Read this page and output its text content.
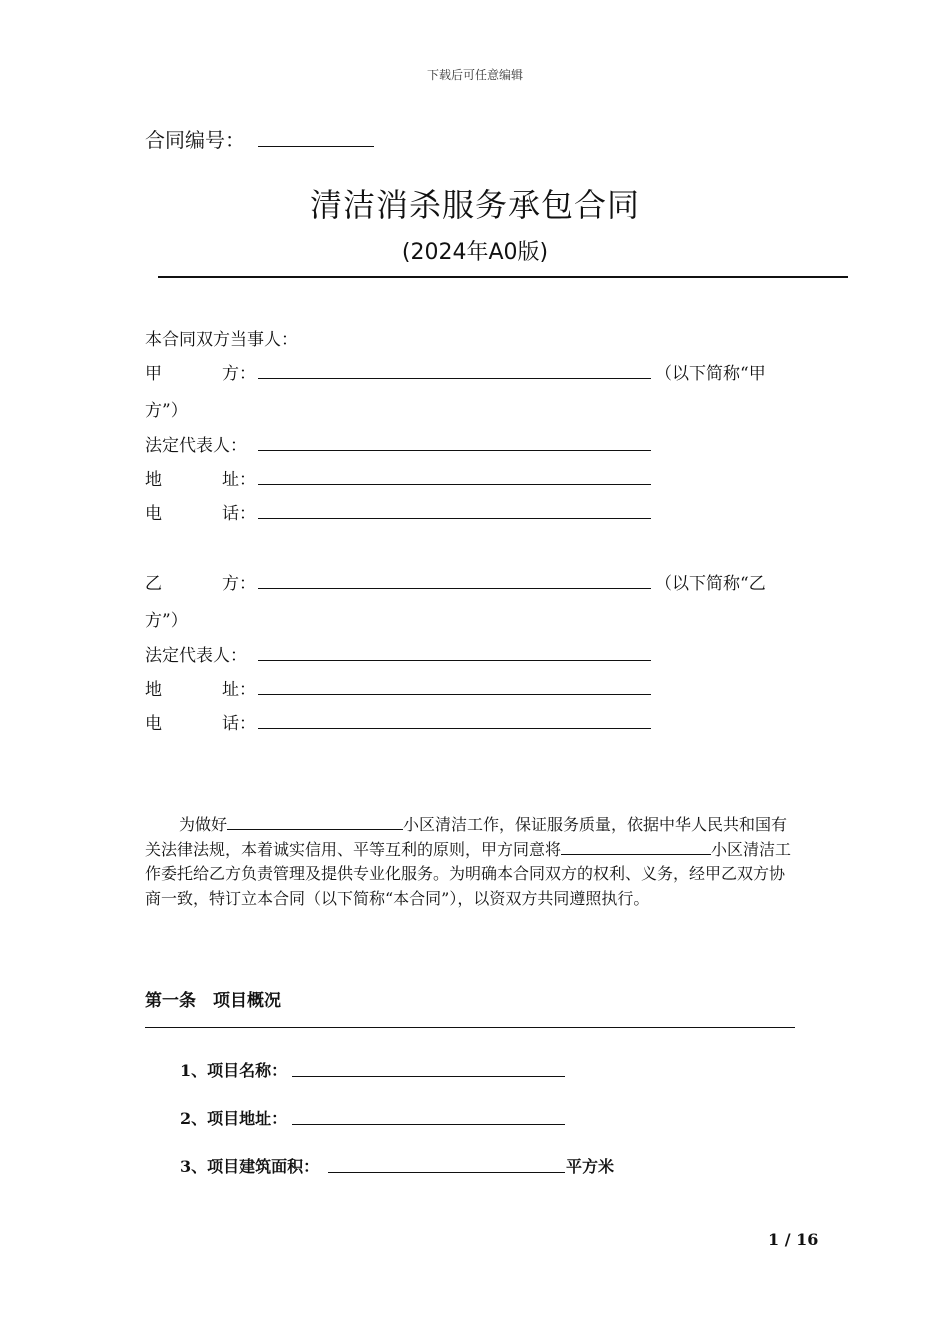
下载后可任意编辑
合同编号：
清洁消杀服务承包合同
(2024年A0版)
本合同双方当事人：
甲	方：	（以下简称“甲
方”）
法定代表人：
地	址：
电	话：
乙	方：	（以下简称“乙
方”）
法定代表人：
地	址：
电	话：
为做好	小区清洁工作，保证服务质量，依据中华人民共和国有关法律法规，本着诚实信用、平等互利的原则，甲方同意将	小区清洁工作委托给乙方负责管理及提供专业化服务。为明确本合同双方的权利、义务，经甲乙双方协商一致，特订立本合同（以下简称“本合同”），以资双方共同遵照执行。
第一条　项目概况
1、项目名称：
2、项目地址：
3、项目建筑面积：	平方米
1 / 16
